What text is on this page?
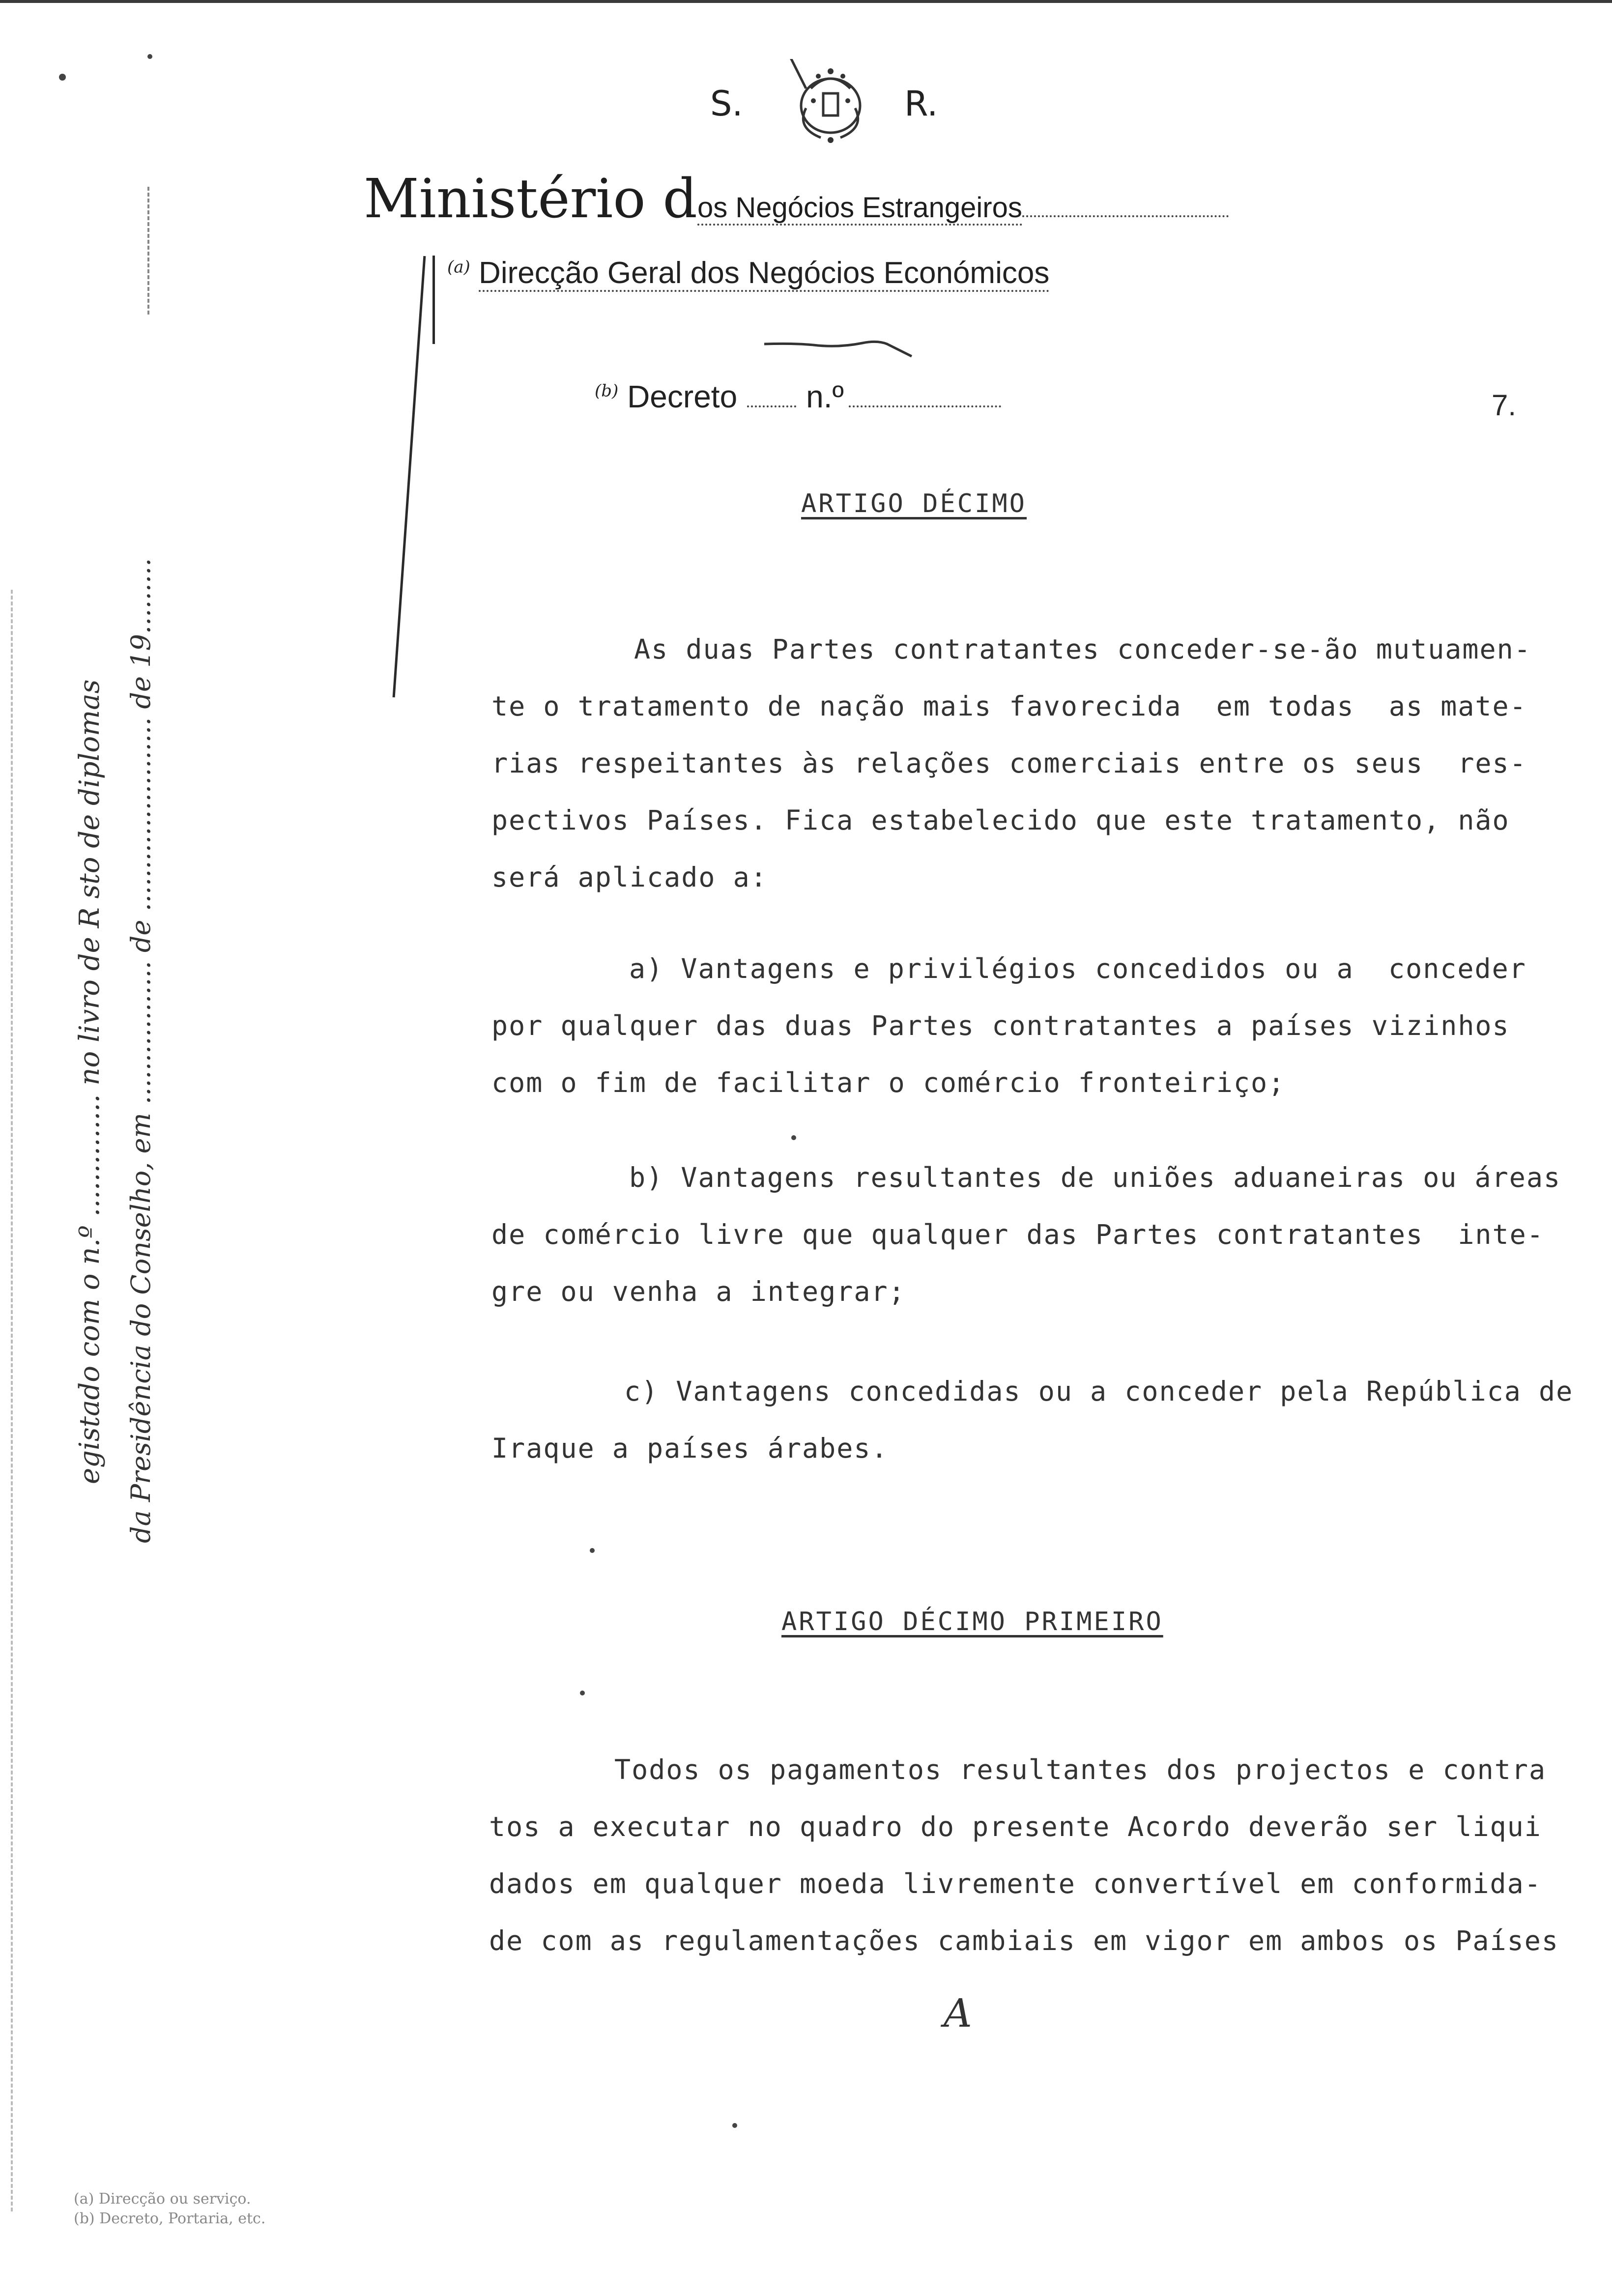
S.	R.
Ministério dos Negócios Estrangeiros
$^{(a)}$ Direcção Geral dos Negócios Económicos
$^{(b)}$ Decreto n.º	7.
egistado com o n.º .............. no livro de R sto de diplomas da Presidência do Conselho, em ................. de ....................... de 19.........
ARTIGO DÉCIMO
As duas Partes contratantes conceder-se-ão mutuamen-
te o tratamento de nação mais favorecida  em todas  as mate-
rias respeitantes às relações comerciais entre os seus  res-
pectivos Países. Fica estabelecido que este tratamento, não
será aplicado a:
a) Vantagens e privilégios concedidos ou a  conceder
por qualquer das duas Partes contratantes a países vizinhos
com o fim de facilitar o comércio fronteiriço;
b) Vantagens resultantes de uniões aduaneiras ou áreas
de comércio livre que qualquer das Partes contratantes  inte-
gre ou venha a integrar;
c) Vantagens concedidas ou a conceder pela República de
Iraque a países árabes.
ARTIGO DÉCIMO PRIMEIRO
Todos os pagamentos resultantes dos projectos e contra
tos a executar no quadro do presente Acordo deverão ser liqui
dados em qualquer moeda livremente convertível em conformida-
de com as regulamentações cambiais em vigor em ambos os Países
A
(a) Direcção ou serviço.
(b) Decreto, Portaria, etc.
